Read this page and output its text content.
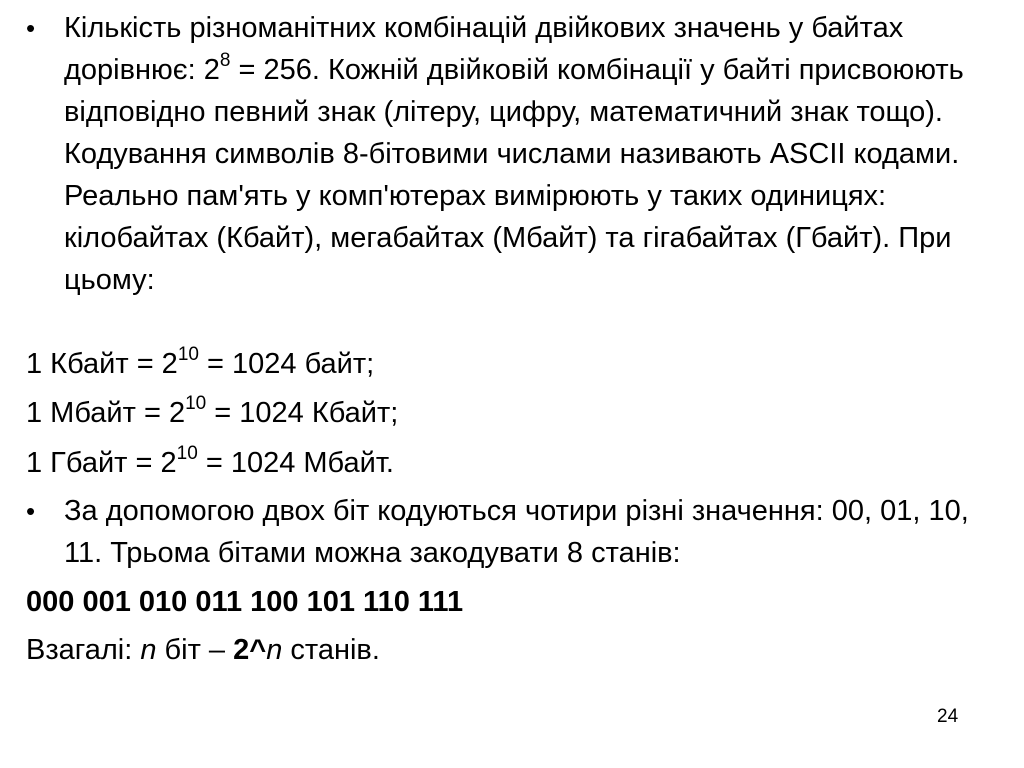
• Кількість різноманітних комбінацій двійкових значень у байтах дорівнює: $2^8 = 256$. Кожній двійковій комбінації у байті присвоюють відповідно певний знак (літеру, цифру, математичний знак тощо). Кодування символів 8-бітовими числами називають ASCII кодами. Реально пам'ять у комп'ютерах вимірюють у таких одиницях: кілобайтах (Кбайт), мегабайтах (Мбайт) та гігабайтах (Гбайт). При цьому:
1 Кбайт = $2^{10} = 1024$ байт;
1 Мбайт = $2^{10} = 1024$ Кбайт;
1 Гбайт = $2^{10} = 1024$ Мбайт.
• За допомогою двох біт кодуються чотири різні значення: 00, 01, 10, 11. Трьома бітами можна закодувати 8 станів:
000 001 010 011 100 101 110 111
Взагалі: n біт – 2^n станів.
24
